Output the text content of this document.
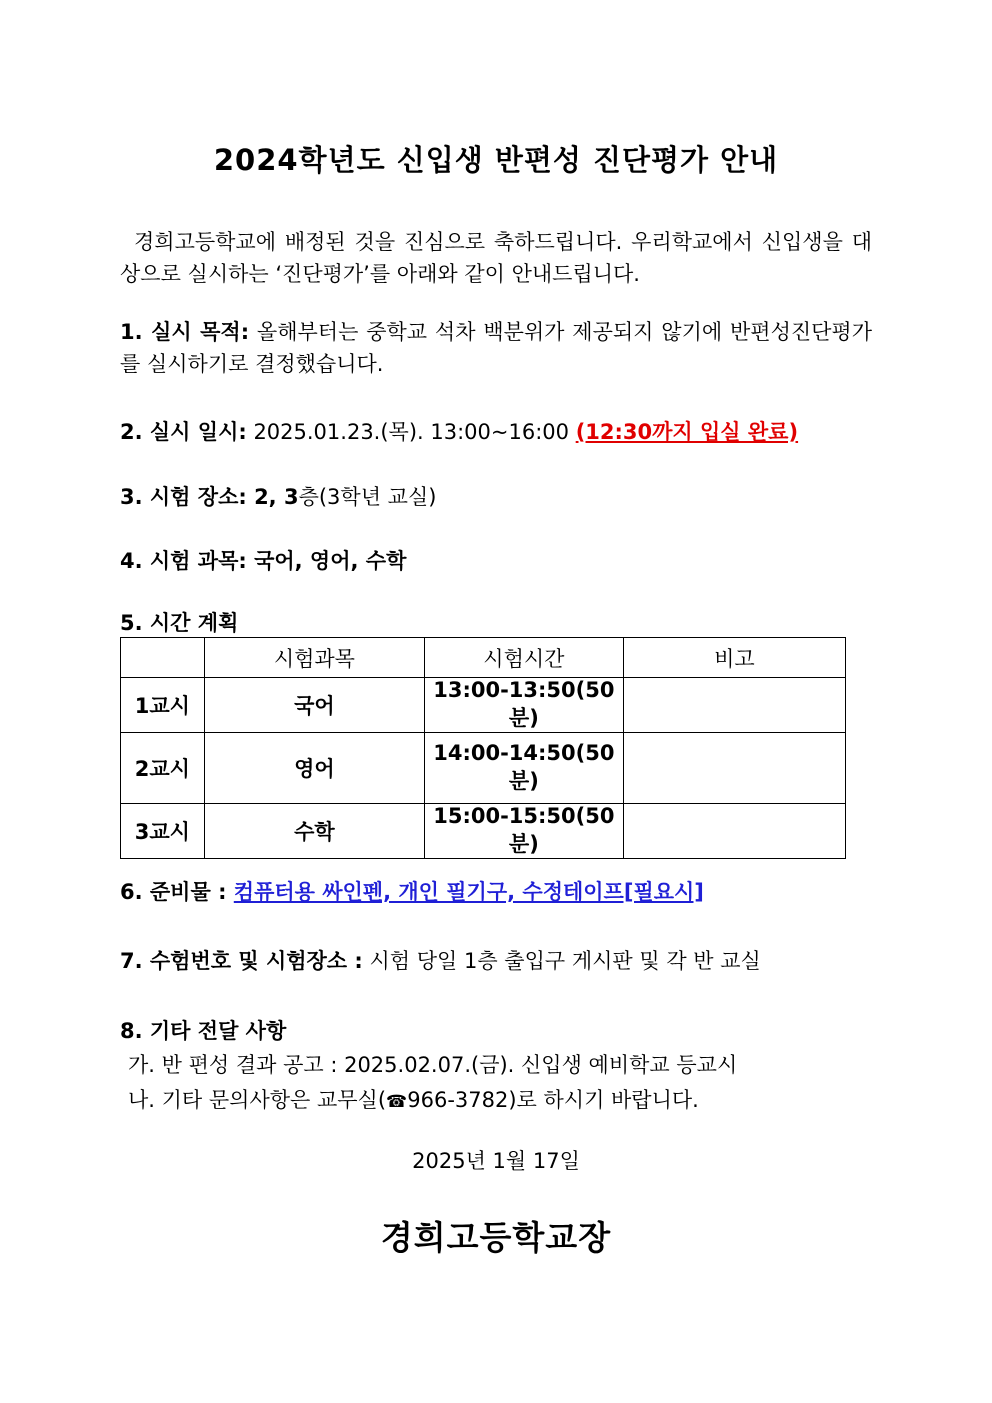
2024학년도 신입생 반편성 진단평가 안내
경희고등학교에 배정된 것을 진심으로 축하드립니다. 우리학교에서 신입생을 대상으로 실시하는 ‘진단평가’를 아래와 같이 안내드립니다.
1. 실시 목적: 올해부터는 중학교 석차 백분위가 제공되지 않기에 반편성진단평가를 실시하기로 결정했습니다.
2. 실시 일시: 2025.01.23.(목). 13:00~16:00 (12:30까지 입실 완료)
3. 시험 장소: 2, 3층(3학년 교실)
4. 시험 과목: 국어, 영어, 수학
5. 시간 계획
	시험과목	시험시간	비고
1교시	국어	13:00-13:50(50분)	
2교시	영어	14:00-14:50(50분)	
3교시	수학	15:00-15:50(50분)	
6. 준비물 : 컴퓨터용 싸인펜, 개인 필기구, 수정테이프[필요시]
7. 수험번호 및 시험장소 : 시험 당일 1층 출입구 게시판 및 각 반 교실
8. 기타 전달 사항
가. 반 편성 결과 공고 : 2025.02.07.(금). 신입생 예비학교 등교시
나. 기타 문의사항은 교무실(☎966-3782)로 하시기 바랍니다.
2025년 1월 17일
경희고등학교장
